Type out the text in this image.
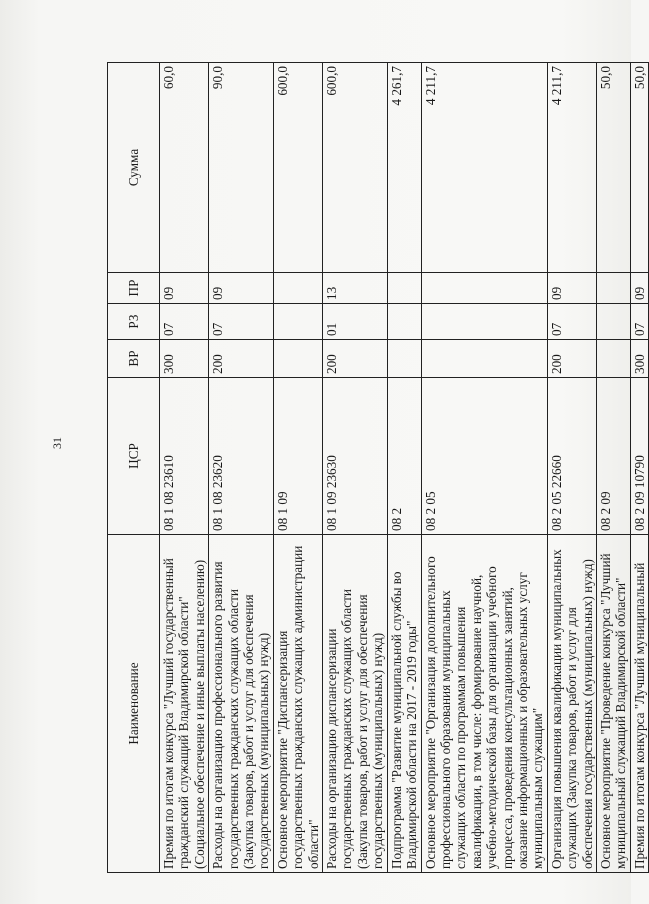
31
Наименование	ЦСР	ВР	РЗ	ПР	Сумма
Премия по итогам конкурса "Лучший государственный гражданский служащий Владимирской области" (Социальное обеспечение и иные выплаты населению)	08 1 08 23610	300	07	09	60,0
Расходы на организацию профессионального развития государственных гражданских служащих области (Закупка товаров, работ и услуг для обеспечения государственных (муниципальных) нужд)	08 1 08 23620	200	07	09	90,0
Основное мероприятие "Диспансеризация государственных гражданских служащих администрации области"	08 1 09				600,0
Расходы на организацию диспансеризации государственных гражданских служащих области (Закупка товаров, работ и услуг для обеспечения государственных (муниципальных) нужд)	08 1 09 23630	200	01	13	600,0
Подпрограмма "Развитие муниципальной службы во Владимирской области на 2017 - 2019 годы"	08 2				4 261,7
Основное мероприятие "Организация дополнительного профессионального образования муниципальных служащих области по программам повышения квалификации, в том числе: формирование научной, учебно-методической базы для организации учебного процесса, проведения консультационных занятий, оказание информационных и образовательных услуг муниципальным служащим"	08 2 05				4 211,7
Организация повышения квалификации муниципальных служащих (Закупка товаров, работ и услуг для обеспечения государственных (муниципальных) нужд)	08 2 05 22660	200	07	09	4 211,7
Основное мероприятие "Проведение конкурса "Лучший муниципальный служащий Владимирской области"	08 2 09				50,0
Премия по итогам конкурса "Лучший муниципальный	08 2 09 10790	300	07	09	50,0
